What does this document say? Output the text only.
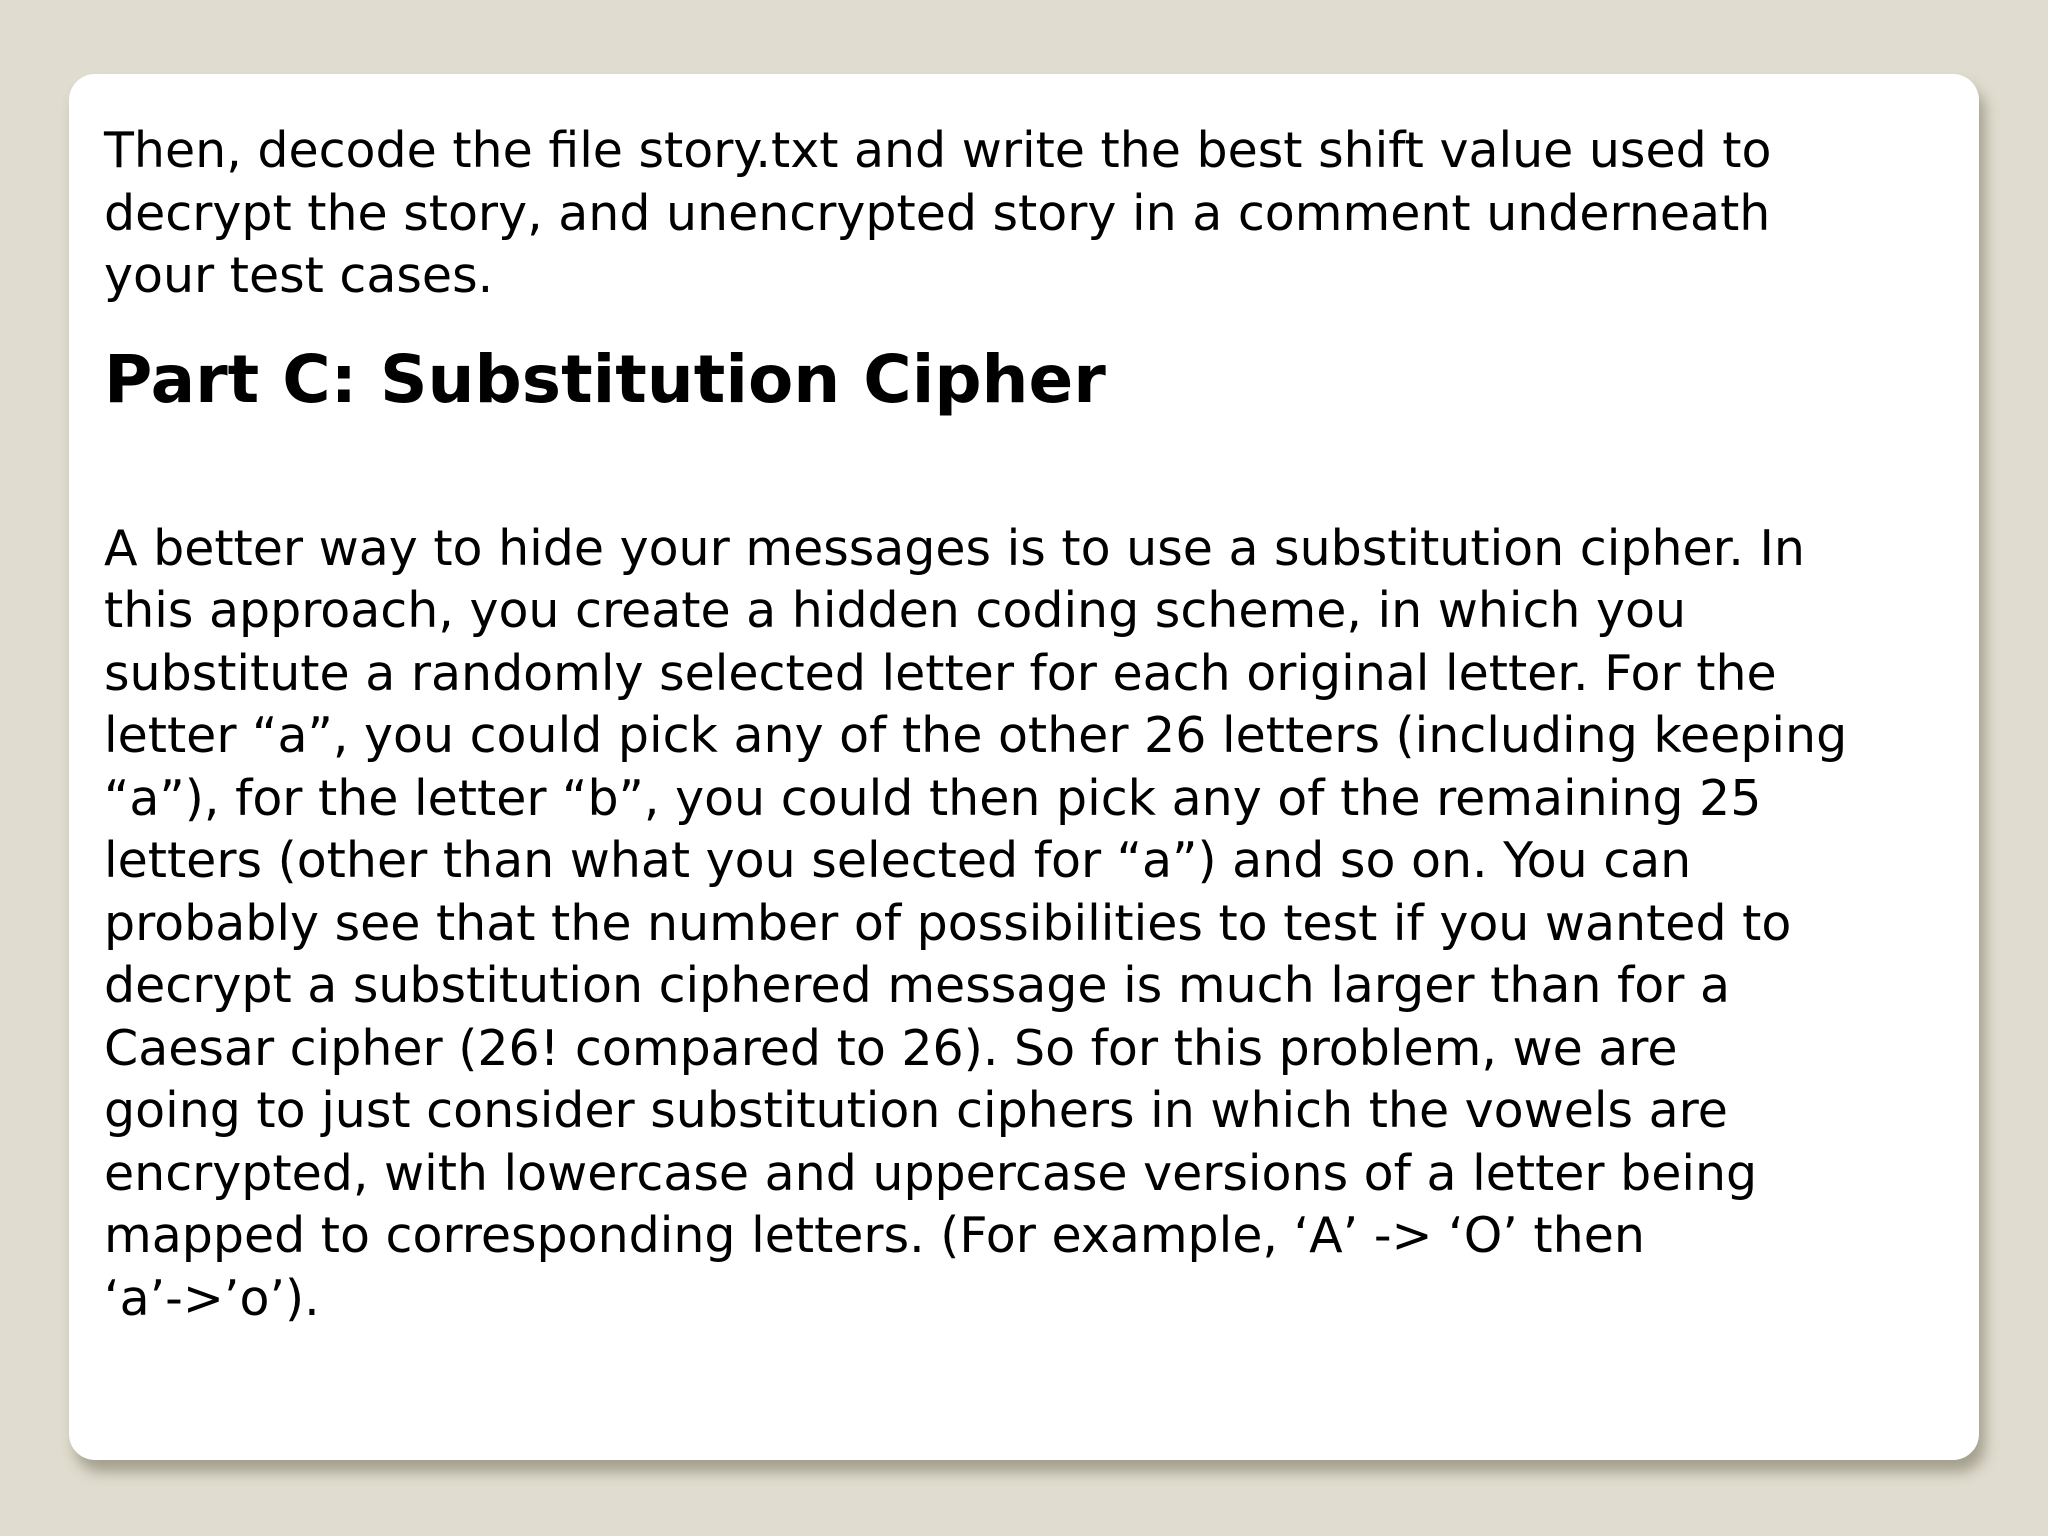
Then, decode the file story.txt and write the best shift value used to
decrypt the story, and unencrypted story in a comment underneath
your test cases.

Part C: Substitution Cipher

A better way to hide your messages is to use a substitution cipher. In
this approach, you create a hidden coding scheme, in which you
substitute a randomly selected letter for each original letter. For the
letter “a”, you could pick any of the other 26 letters (including keeping
“a”), for the letter “b”, you could then pick any of the remaining 25
letters (other than what you selected for “a”) and so on. You can
probably see that the number of possibilities to test if you wanted to
decrypt a substitution ciphered message is much larger than for a
Caesar cipher (26! compared to 26). So for this problem, we are
going to just consider substitution ciphers in which the vowels are
encrypted, with lowercase and uppercase versions of a letter being
mapped to corresponding letters. (For example, ‘A’ -> ‘O’ then
‘a’->’o’).
